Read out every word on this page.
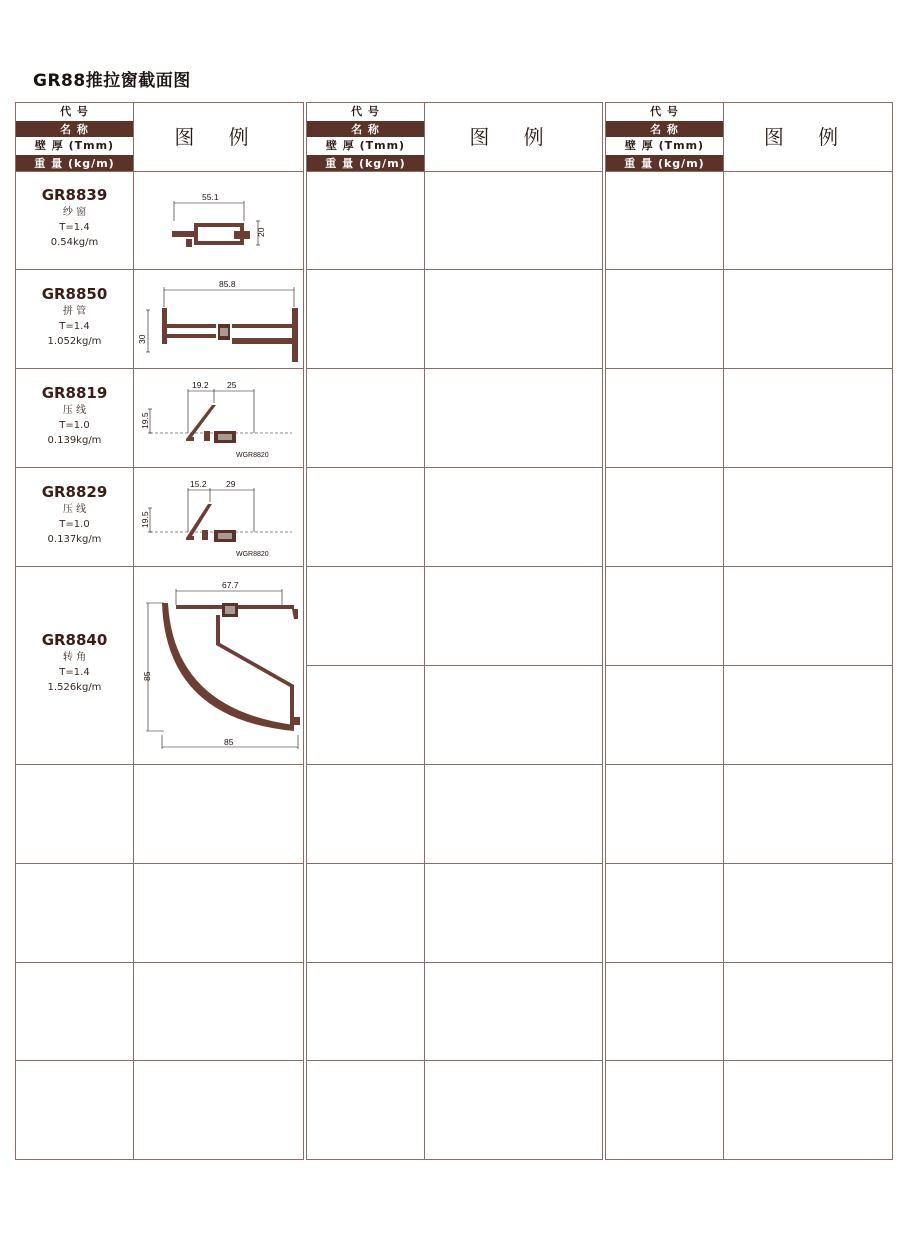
GR88推拉窗截面图
代 号
名 称
壁 厚 (Tmm)
重 量 (kg/m)
图 例
GR8839
纱 窗
T=1.4
0.54kg/m
55.1
20
GR8850
拼 管
T=1.4
1.052kg/m
85.8
30
GR8819
压 线
T=1.0
0.139kg/m
19.2 25
19.5
WGR8820
GR8829
压 线
T=1.0
0.137kg/m
15.2 29
19.5
WGR8820
GR8840
转 角
T=1.4
1.526kg/m
67.7
85
85
代 号
名 称
壁 厚 (Tmm)
重 量 (kg/m)
图 例
代 号
名 称
壁 厚 (Tmm)
重 量 (kg/m)
图 例
